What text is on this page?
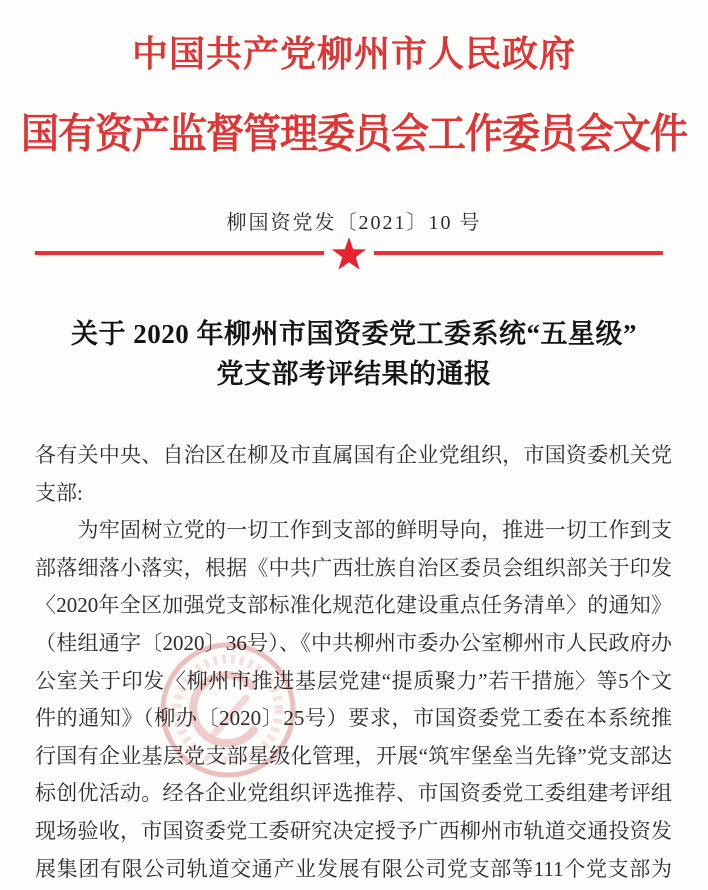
中国共产党柳州市人民政府
国有资产监督管理委员会工作委员会文件
柳国资党发〔2021〕10 号
关于 2020 年柳州市国资委党工委系统“五星级”
党支部考评结果的通报
各有关中央、自治区在柳及市直属国有企业党组织，市国资委机关党
支部:
　　为牢固树立党的一切工作到支部的鲜明导向，推进一切工作到支
部落细落小落实，根据《中共广西壮族自治区委员会组织部关于印发
〈2020年全区加强党支部标准化规范化建设重点任务清单〉的通知》
（桂组通字〔2020〕36号）、《中共柳州市委办公室柳州市人民政府办
公室关于印发〈柳州市推进基层党建“提质聚力”若干措施〉等5个文
件的通知》（柳办〔2020〕25号）要求，市国资委党工委在本系统推
行国有企业基层党支部星级化管理，开展“筑牢堡垒当先锋”党支部达
标创优活动。经各企业党组织评选推荐、市国资委党工委组建考评组
现场验收，市国资委党工委研究决定授予广西柳州市轨道交通投资发
展集团有限公司轨道交通产业发展有限公司党支部等111个党支部为
